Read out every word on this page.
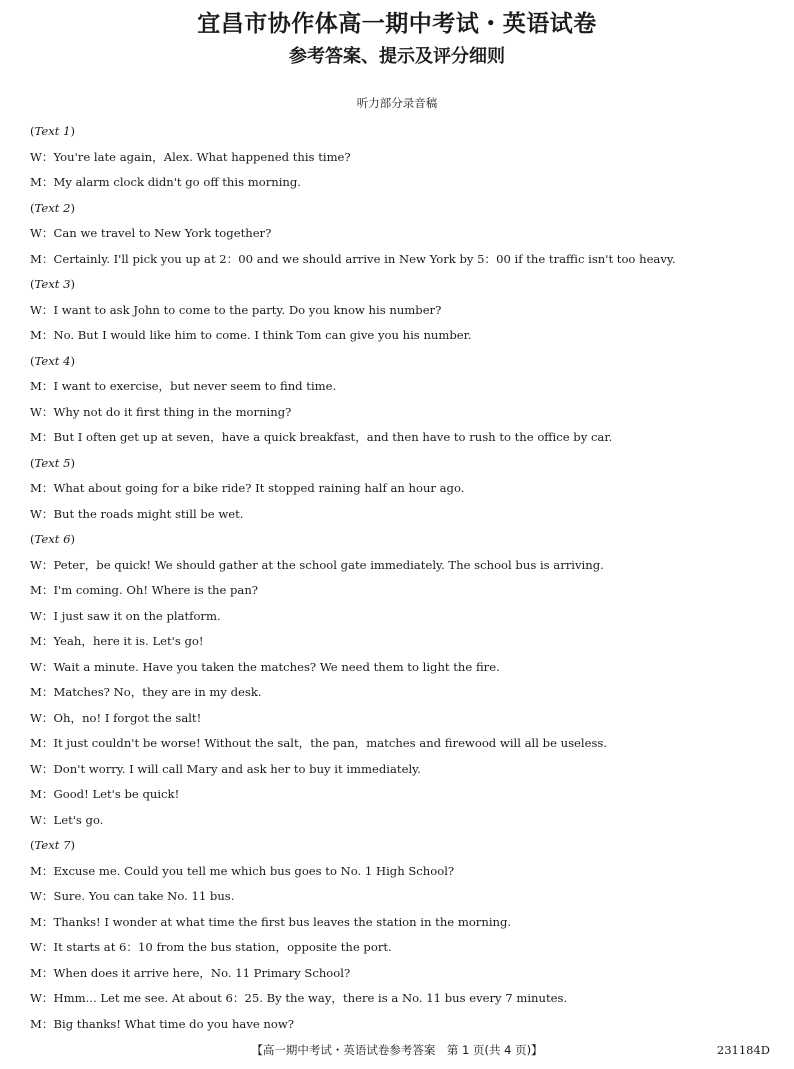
宜昌市协作体高一期中考试・英语试卷
参考答案、提示及评分细则
听力部分录音稿
(Text 1)
W：You're late again，Alex. What happened this time?
M：My alarm clock didn't go off this morning.
(Text 2)
W：Can we travel to New York together?
M：Certainly. I'll pick you up at 2：00 and we should arrive in New York by 5：00 if the traffic isn't too heavy.
(Text 3)
W：I want to ask John to come to the party. Do you know his number?
M：No. But I would like him to come. I think Tom can give you his number.
(Text 4)
M：I want to exercise，but never seem to find time.
W：Why not do it first thing in the morning?
M：But I often get up at seven，have a quick breakfast，and then have to rush to the office by car.
(Text 5)
M：What about going for a bike ride? It stopped raining half an hour ago.
W：But the roads might still be wet.
(Text 6)
W：Peter，be quick! We should gather at the school gate immediately. The school bus is arriving.
M：I'm coming. Oh! Where is the pan?
W：I just saw it on the platform.
M：Yeah，here it is. Let's go!
W：Wait a minute. Have you taken the matches? We need them to light the fire.
M：Matches? No，they are in my desk.
W：Oh，no! I forgot the salt!
M：It just couldn't be worse! Without the salt，the pan，matches and firewood will all be useless.
W：Don't worry. I will call Mary and ask her to buy it immediately.
M：Good! Let's be quick!
W：Let's go.
(Text 7)
M：Excuse me. Could you tell me which bus goes to No. 1 High School?
W：Sure. You can take No. 11 bus.
M：Thanks! I wonder at what time the first bus leaves the station in the morning.
W：It starts at 6：10 from the bus station，opposite the port.
M：When does it arrive here，No. 11 Primary School?
W：Hmm... Let me see. At about 6：25. By the way，there is a No. 11 bus every 7 minutes.
M：Big thanks! What time do you have now?
【高一期中考试・英语试卷参考答案　第 1 页(共 4 页)】	231184D
